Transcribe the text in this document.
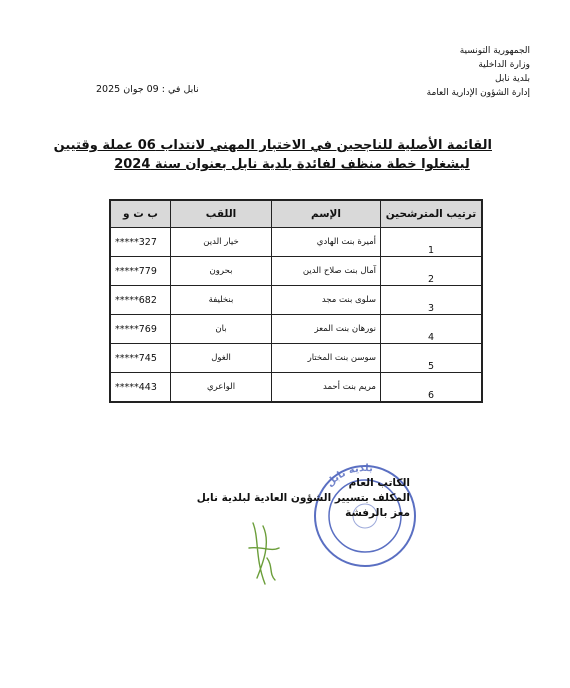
الجمهورية التونسية
وزارة الداخلية
بلدية نابل
إدارة الشؤون الإدارية العامة
نابل في : 09 جوان 2025
القائمة الأصلية للناجحين في الاختبار المهني لانتداب 06 عملة وقتيين
ليشغلوا خطة منظف لفائدة بلدية نابل بعنوان سنة 2024
ترتيب المترشحين	الإسم	اللقب	ب ت و
1	أميرة بنت الهادي	خيار الدين	*****327
2	آمال بنت صلاح الدين	بحرون	*****779
3	سلوى بنت مجد	بنخليفة	*****682
4	نورهان بنت المعز	بان	*****769
5	سوسن بنت المختار	الغول	*****745
6	مريم بنت أحمد	الواعري	*****443
بلدية نابل
الكاتب العام
المكلف بتسيير الشؤون العادية لبلدية نابل
معز بالرفشة
